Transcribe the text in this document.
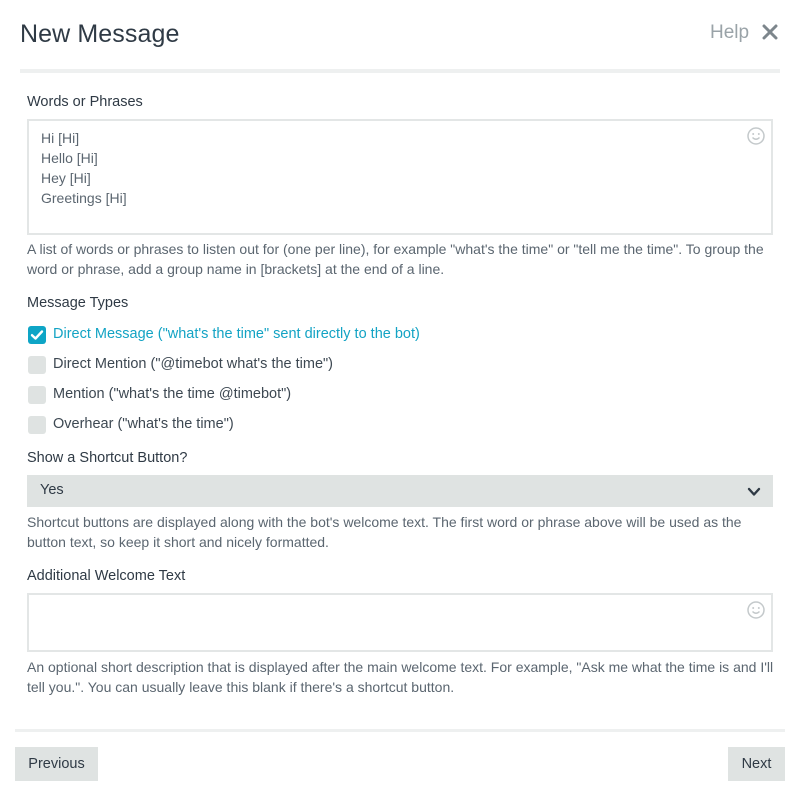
New Message	Help
Words or Phrases
Hi [Hi]
Hello [Hi]
Hey [Hi]
Greetings [Hi]
A list of words or phrases to listen out for (one per line), for example "what's the time" or "tell me the time". To group the word or phrase, add a group name in [brackets] at the end of a line.
Message Types
Direct Message ("what's the time" sent directly to the bot)
Direct Mention ("@timebot what's the time")
Mention ("what's the time @timebot")
Overhear ("what's the time")
Show a Shortcut Button?
Yes
Shortcut buttons are displayed along with the bot's welcome text. The first word or phrase above will be used as the button text, so keep it short and nicely formatted.
Additional Welcome Text
An optional short description that is displayed after the main welcome text. For example, "Ask me what the time is and I'll tell you.". You can usually leave this blank if there's a shortcut button.
Previous	Next
